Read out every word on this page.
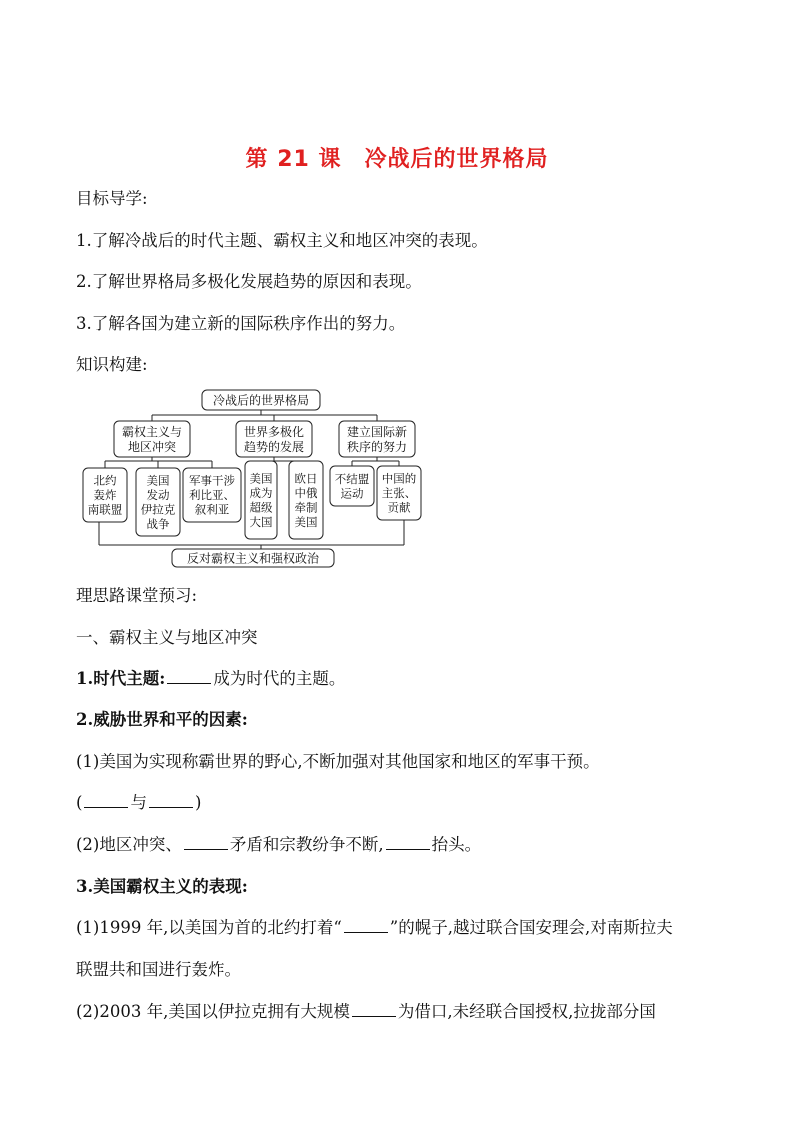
第 21 课　冷战后的世界格局
目标导学:
1.了解冷战后的时代主题、霸权主义和地区冲突的表现。
2.了解世界格局多极化发展趋势的原因和表现。
3.了解各国为建立新的国际秩序作出的努力。
知识构建:
冷战后的世界格局
霸权主义与
地区冲突
世界多极化
趋势的发展
建立国际新
秩序的努力
北约
轰炸
南联盟
美国
发动
伊拉克
战争
军事干涉
利比亚、
叙利亚
美国
成为
超级
大国
欧日
中俄
牵制
美国
不结盟
运动
中国的
主张、
贡献
反对霸权主义和强权政治
理思路课堂预习:
一、霸权主义与地区冲突
1.时代主题:	成为时代的主题。
2.威胁世界和平的因素:
(1)美国为实现称霸世界的野心,不断加强对其他国家和地区的军事干预。
(	与	)
(2)地区冲突、	矛盾和宗教纷争不断,	抬头。
3.美国霸权主义的表现:
(1)1999 年,以美国为首的北约打着“	”的幌子,越过联合国安理会,对南斯拉夫
联盟共和国进行轰炸。
(2)2003 年,美国以伊拉克拥有大规模	为借口,未经联合国授权,拉拢部分国
